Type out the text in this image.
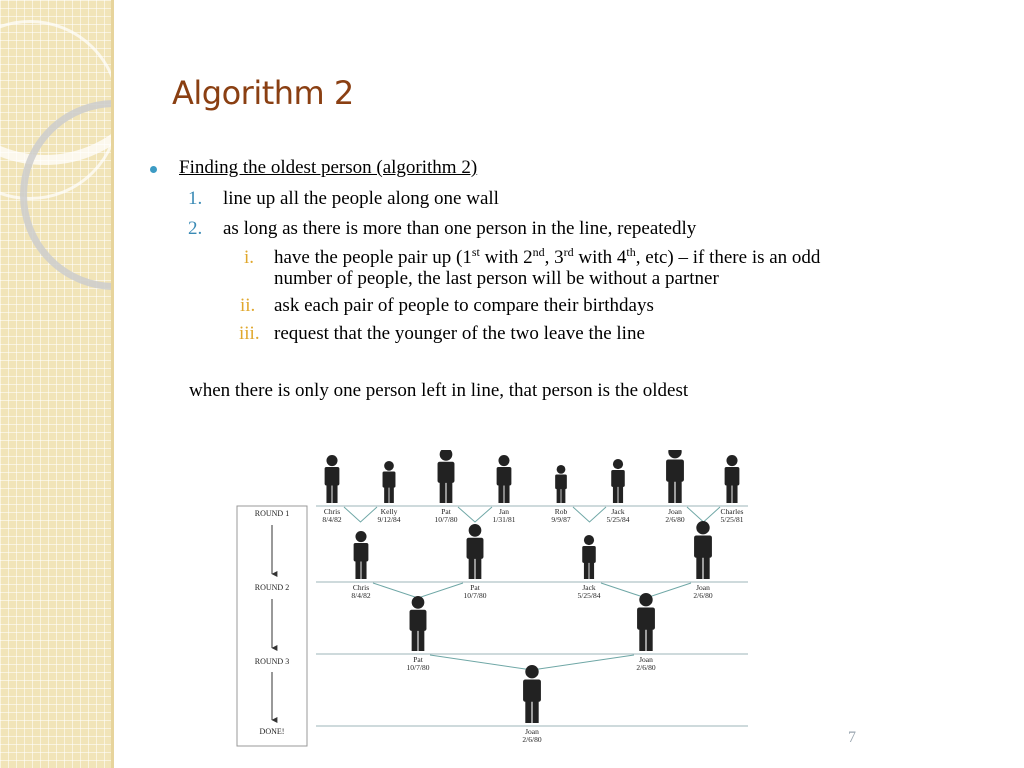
Algorithm 2
Finding the oldest person (algorithm 2)
1. line up all the people along one wall
2. as long as there is more than one person in the line, repeatedly
i. have the people pair up (1st with 2nd, 3rd with 4th, etc) – if there is an odd
number of people, the last person will be without a partner
ii. ask each pair of people to compare their birthdays
iii. request that the younger of the two leave the line
when there is only one person left in line, that person is the oldest
ROUND 1
ROUND 2
ROUND 3
DONE!
Chris
8/4/82
Kelly
9/12/84
Pat
10/7/80
Jan
1/31/81
Rob
9/9/87
Jack
5/25/84
Joan
2/6/80
Charles
5/25/81
Chris
8/4/82
Pat
10/7/80
Jack
5/25/84
Joan
2/6/80
Pat
10/7/80
Joan
2/6/80
Joan
2/6/80	7
